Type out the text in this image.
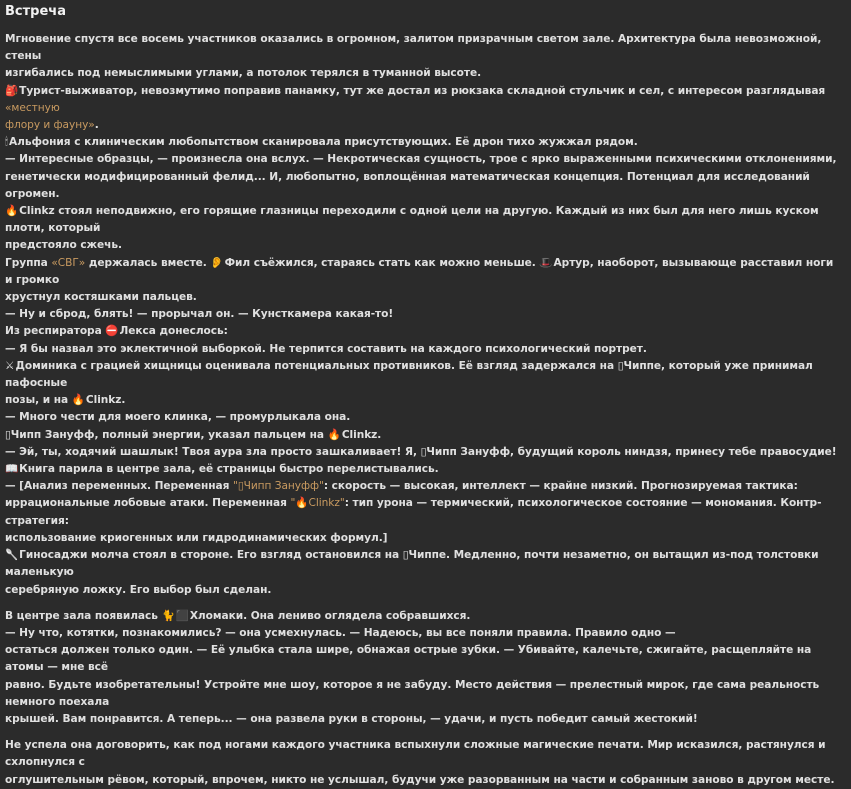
Встреча
Мгновение спустя все восемь участников оказались в огромном, залитом призрачным светом зале. Архитектура была невозможной, стены
изгибались под немыслимыми углами, а потолок терялся в туманной высоте.
🎒Турист-выживатор, невозмутимо поправив панамку, тут же достал из рюкзака складной стульчик и сел, с интересом разглядывая «местную
флору и фауну».
🕯Альфония с клиническим любопытством сканировала присутствующих. Её дрон тихо жужжал рядом.
— Интересные образцы, — произнесла она вслух. — Некротическая сущность, трое с ярко выраженными психическими отклонениями,
генетически модифицированный фелид... И, любопытно, воплощённая математическая концепция. Потенциал для исследований огромен.
🔥Clinkz стоял неподвижно, его горящие глазницы переходили с одной цели на другую. Каждый из них был для него лишь куском плоти, который
предстояло сжечь.
Группа «СВГ» держалась вместе. 👂Фил съёжился, стараясь стать как можно меньше. 🎩Артур, наоборот, вызывающе расставил ноги и громко
хрустнул костяшками пальцев.
— Ну и сброд, блять! — прорычал он. — Кунсткамера какая-то!
Из респиратора ⛔Лекса донеслось:
— Я бы назвал это эклектичной выборкой. Не терпится составить на каждого психологический портрет.
⚔Доминика с грацией хищницы оценивала потенциальных противников. Её взгляд задержался на ▯Чиппе, который уже принимал пафосные
позы, и на 🔥Clinkz.
— Много чести для моего клинка, — промурлыкала она.
▯Чипп Зануфф, полный энергии, указал пальцем на 🔥Clinkz.
— Эй, ты, ходячий шашлык! Твоя аура зла просто зашкаливает! Я, ▯Чипп Зануфф, будущий король ниндзя, принесу тебе правосудие!
📖Книга парила в центре зала, её страницы быстро перелистывались.
— [Анализ переменных. Переменная "▯Чипп Зануфф": скорость — высокая, интеллект — крайне низкий. Прогнозируемая тактика:
иррациональные лобовые атаки. Переменная "🔥Clinkz": тип урона — термический, психологическое состояние — мономания. Контр-стратегия:
использование криогенных или гидродинамических формул.]
🥄Гиносаджи молча стоял в стороне. Его взгляд остановился на ▯Чиппе. Медленно, почти незаметно, он вытащил из-под толстовки маленькую
серебряную ложку. Его выбор был сделан.
В центре зала появилась 🐈⬛Хломаки. Она лениво оглядела собравшихся.
— Ну что, котятки, познакомились? — она усмехнулась. — Надеюсь, вы все поняли правила. Правило одно —
остаться должен только один. — Её улыбка стала шире, обнажая острые зубки. — Убивайте, калечьте, сжигайте, расщепляйте на атомы — мне всё
равно. Будьте изобретательны! Устройте мне шоу, которое я не забуду. Место действия — прелестный мирок, где сама реальность немного поехала
крышей. Вам понравится. А теперь... — она развела руки в стороны, — удачи, и пусть победит самый жестокий!
Не успела она договорить, как под ногами каждого участника вспыхнули сложные магические печати. Мир исказился, растянулся и схлопнулся с
оглушительным рёвом, который, впрочем, никто не услышал, будучи уже разорванным на части и собранным заново в другом месте.
